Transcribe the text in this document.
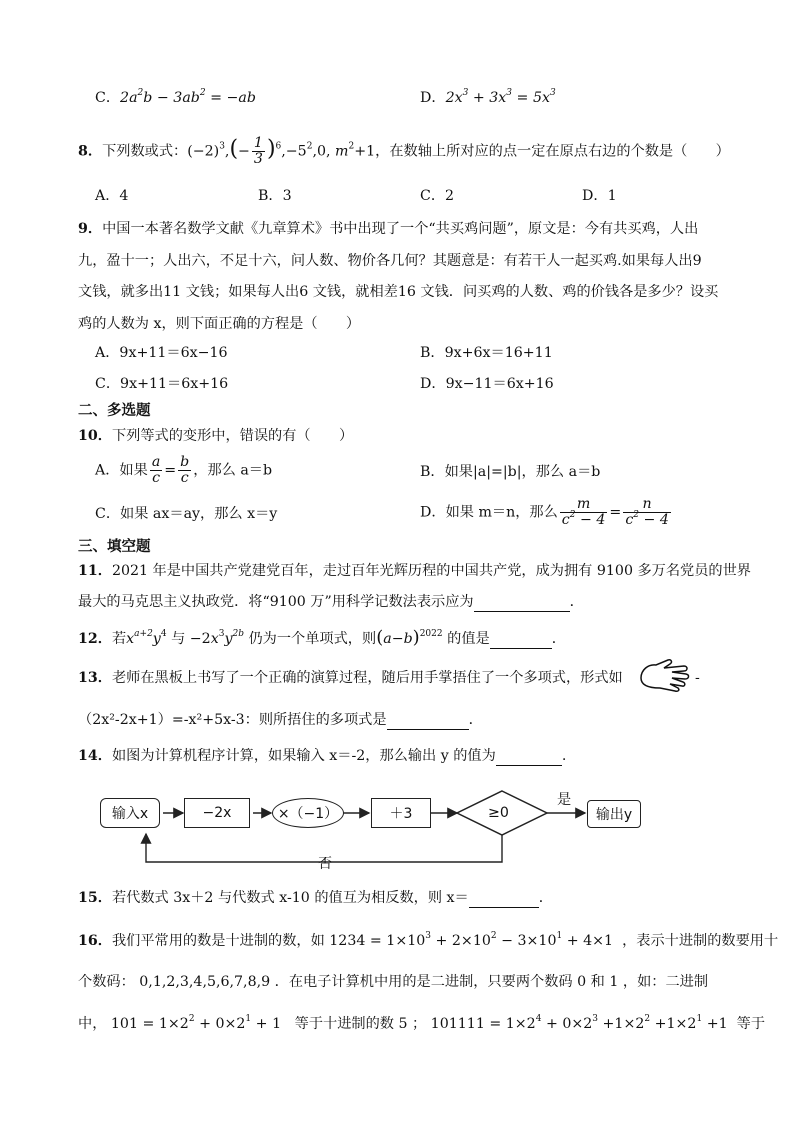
C．$2a^2b - 3ab^2 = -ab$	D．$2x^3 + 3x^3 = 5x^3$
8．下列数或式：$(-2)^3,(- \frac{1}{3} )^6,-5^2,0$, $m^2+1$，在数轴上所对应的点一定在原点右边的个数是（　　）
A．4	B．3	C．2	D．1
9．中国一本著名数学文献《九章算术》书中出现了一个“共买鸡问题”，原文是：今有共买鸡，人出
九，盈十一；人出六，不足十六，问人数、物价各几何？其题意是：有若干人一起买鸡.如果每人出9
文钱，就多出11 文钱；如果每人出6 文钱，就相差16 文钱．问买鸡的人数、鸡的价钱各是多少？设买
鸡的人数为 x，则下面正确的方程是（　　）
A．9x+11＝6x−16	B．9x+6x＝16+11
C．9x+11＝6x+16	D．9x−11＝6x+16
二、多选题
10．下列等式的变形中，错误的有（　　）
A．如果 $\frac{a}{c} = \frac{b}{c}$ ，那么 a＝b	B．如果|a|=|b|，那么 a＝b
C．如果 ax＝ay，那么 x＝y	D．如果 m＝n，那么 $\frac{m}{c^2 - 4} = \frac{n}{c^2 - 4}$
三、填空题
11．2021 年是中国共产党建党百年，走过百年光辉历程的中国共产党，成为拥有 9100 多万名党员的世界
最大的马克思主义执政党．将“9100 万”用科学记数法表示应为	．
12．若$x^{a+2}y^4$ 与 $-2x^3y^{2b}$ 仍为一个单项式，则$(a-b)^{2022}$ 的值是	．
13．老师在黑板上书写了一个正确的演算过程，随后用手掌捂住了一个多项式，形式如	-
（2x²-2x+1）=-x²+5x-3：则所捂住的多项式是	．
14．如图为计算机程序计算，如果输入 x＝-2，那么输出 y 的值为	.
输入x	−2x	×（−1）	＋3	≥0
是
输出y
否
15．若代数式 3x＋2 与代数式 x-10 的值互为相反数，则 x＝	．
16．我们平常用的数是十进制的数，如 $1234 = 1\times 10^3 + 2\times 10^2 - 3\times 10^1 + 4\times 1$  ，表示十进制的数要用十
个数码： 0,1,2,3,4,5,6,7,8,9 ．在电子计算机中用的是二进制，只要两个数码 0 和 1 ，如：二进制
中， $101 = 1\times 2^2 + 0\times 2^1 + 1$   等于十进制的数 5 ； $101111 = 1\times 2^4 + 0\times 2^3 +1\times 2^2 +1\times 2^1 +1$  等于
